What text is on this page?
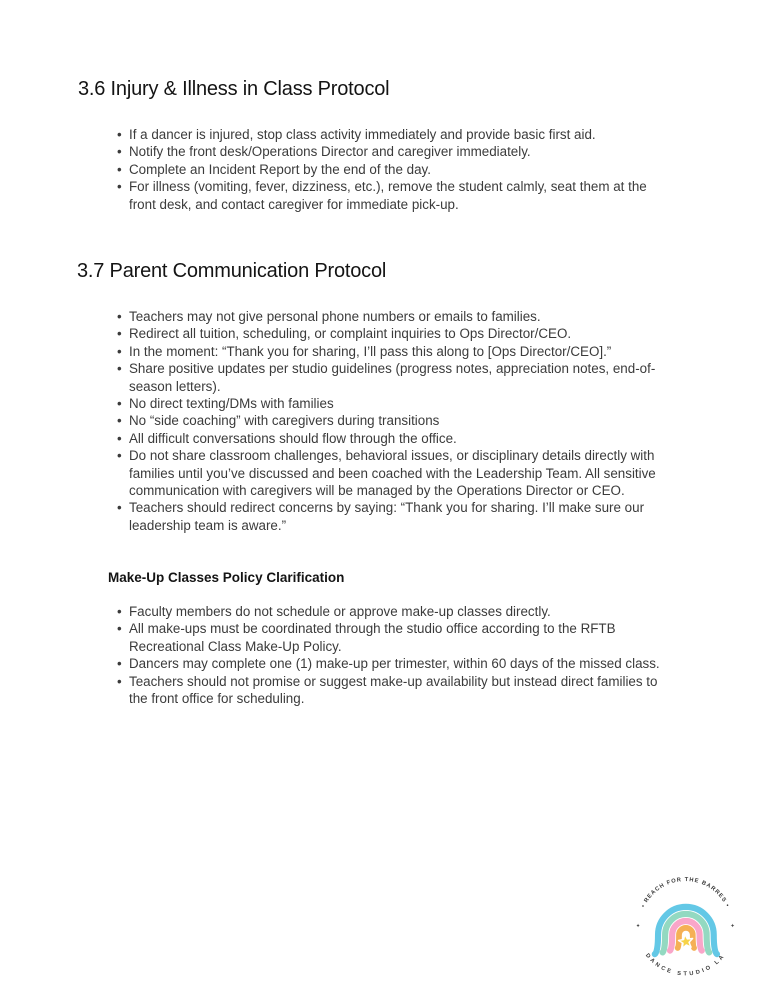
3.6 Injury & Illness in Class Protocol
• If a dancer is injured, stop class activity immediately and provide basic first aid.
• Notify the front desk/Operations Director and caregiver immediately.
• Complete an Incident Report by the end of the day.
• For illness (vomiting, fever, dizziness, etc.), remove the student calmly, seat them at the front desk, and contact caregiver for immediate pick-up.
3.7 Parent Communication Protocol
• Teachers may not give personal phone numbers or emails to families.
• Redirect all tuition, scheduling, or complaint inquiries to Ops Director/CEO.
• In the moment: “Thank you for sharing, I’ll pass this along to [Ops Director/CEO].”
• Share positive updates per studio guidelines (progress notes, appreciation notes, end-of-season letters).
• No direct texting/DMs with families
• No “side coaching” with caregivers during transitions
• All difficult conversations should flow through the office.
• Do not share classroom challenges, behavioral issues, or disciplinary details directly with families until you’ve discussed and been coached with the Leadership Team. All sensitive communication with caregivers will be managed by the Operations Director or CEO.
• Teachers should redirect concerns by saying: “Thank you for sharing. I’ll make sure our leadership team is aware.”
Make-Up Classes Policy Clarification
• Faculty members do not schedule or approve make-up classes directly.
• All make-ups must be coordinated through the studio office according to the RFTB Recreational Class Make-Up Policy.
• Dancers may complete one (1) make-up per trimester, within 60 days of the missed class.
• Teachers should not promise or suggest make-up availability but instead direct families to the front office for scheduling.
• REACH FOR THE BARRES •
DANCE STUDIO LA
✦	✦
